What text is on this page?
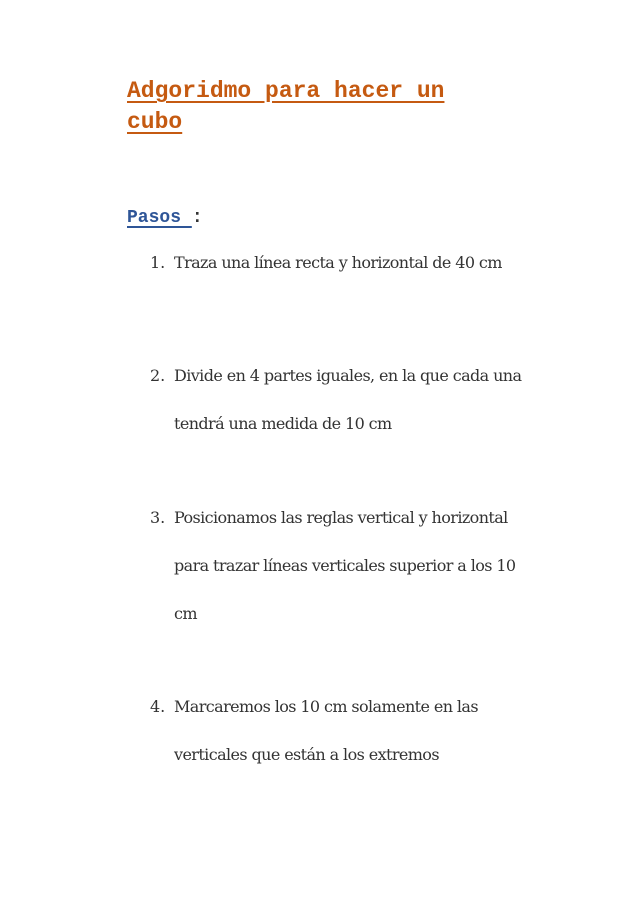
Adgoridmo para hacer un
cubo
Pasos :
1. Traza una línea recta y horizontal de 40 cm
2. Divide en 4 partes iguales, en la que cada una
tendrá una medida de 10 cm
3. Posicionamos las reglas vertical y horizontal
para trazar líneas verticales superior a los 10
cm
4. Marcaremos los 10 cm solamente en las
verticales que están a los extremos
